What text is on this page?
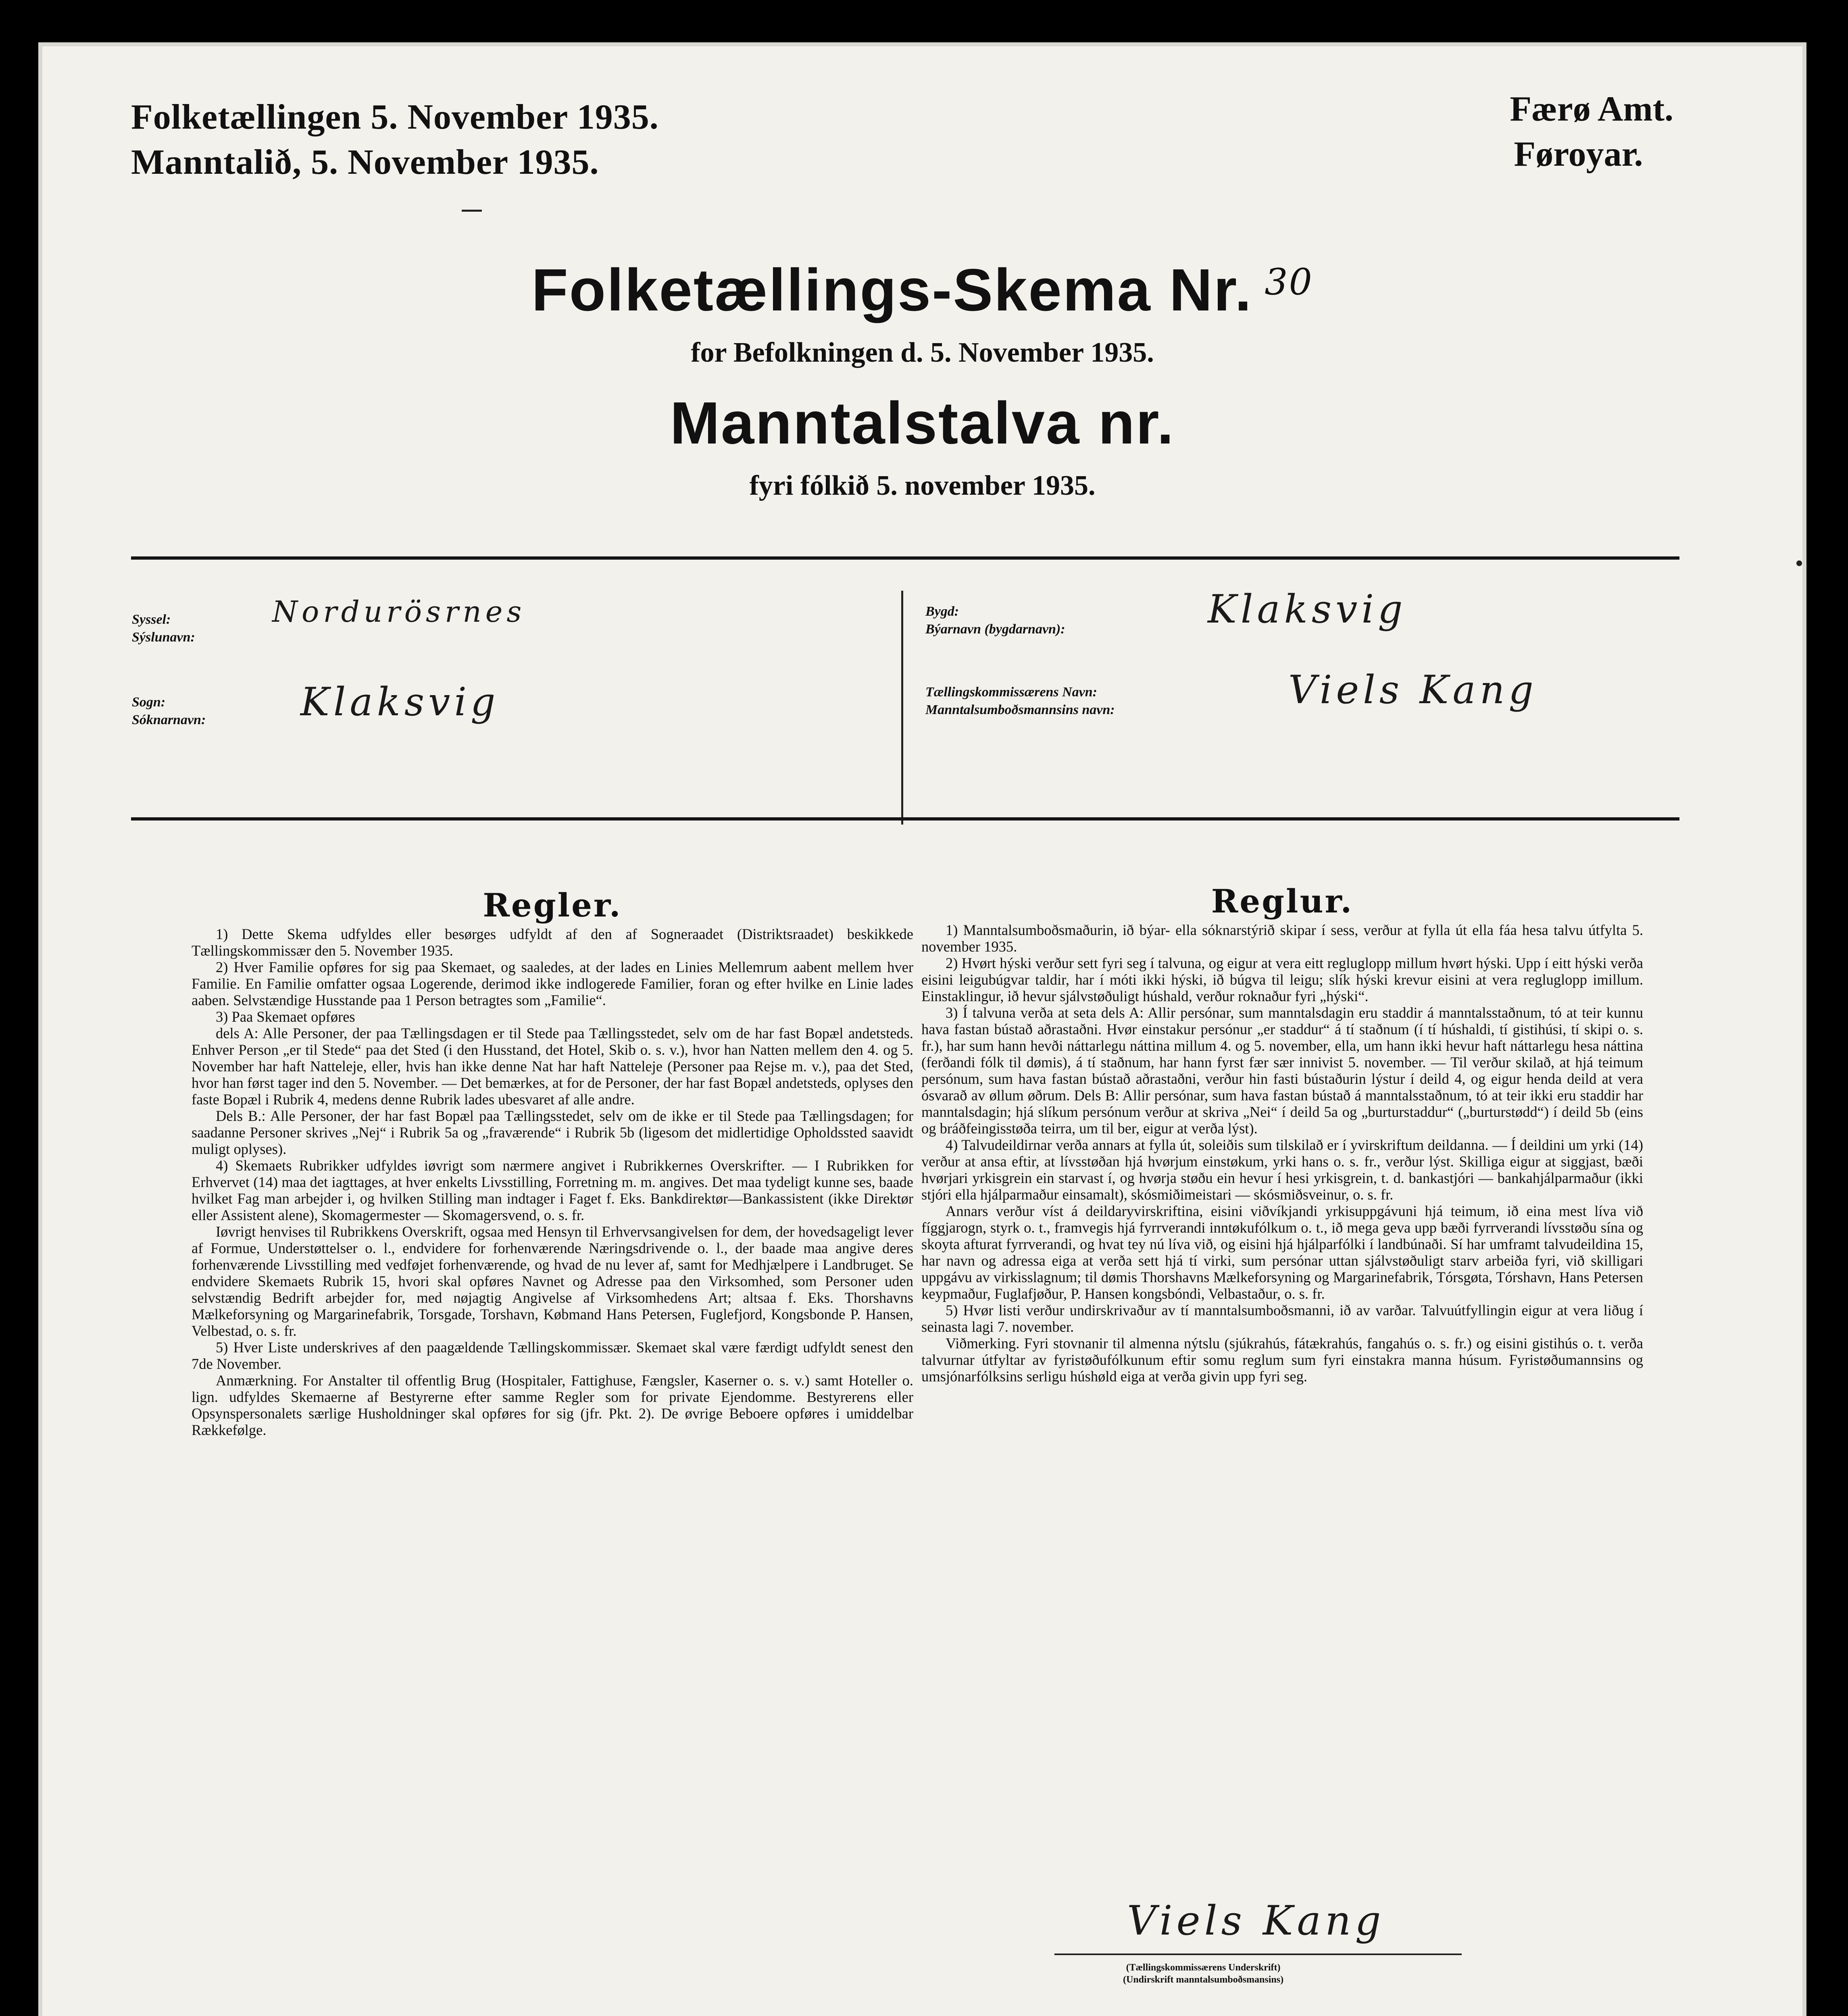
Folketællingen 5. November 1935.
Manntalið, 5. November 1935.
Færø Amt.
Føroyar.
Folketællings-Skema Nr. $^{30}$
for Befolkningen d. 5. November 1935.
Manntalstalva nr.
fyri fólkið 5. november 1935.
Syssel:
Sýslunavn:
Nordurösrnes
Sogn:
Sóknarnavn: Klaksvig
Bygd:
Býarnavn (bygdarnavn):	Klaksvig
Tællingskommissærens Navn:
Manntalsumboðsmannsins navn:	Viels Kang
Regler.

1) Dette Skema udfyldes eller besørges udfyldt af den af Sogneraadet (Distriktsraadet) beskikkede Tællingskommissær den 5. November 1935.

2) Hver Familie opføres for sig paa Skemaet, og saaledes, at der lades en Linies Mellemrum aabent mellem hver Familie. En Familie omfatter ogsaa Logerende, derimod ikke indlogerede Familier, foran og efter hvilke en Linie lades aaben. Selvstændige Husstande paa 1 Person betragtes som „Familie“.

3) Paa Skemaet opføres

dels A: Alle Personer, der paa Tællingsdagen er til Stede paa Tællingsstedet, selv om de har fast Bopæl andetsteds. Enhver Person „er til Stede“ paa det Sted (i den Husstand, det Hotel, Skib o. s. v.), hvor han Natten mellem den 4. og 5. November har haft Natteleje, eller, hvis han ikke denne Nat har haft Natteleje (Personer paa Rejse m. v.), paa det Sted, hvor han først tager ind den 5. November. — Det bemærkes, at for de Personer, der har fast Bopæl andetsteds, oplyses den faste Bopæl i Rubrik 4, medens denne Rubrik lades ubesvaret af alle andre.

Dels B.: Alle Personer, der har fast Bopæl paa Tællingsstedet, selv om de ikke er til Stede paa Tællingsdagen; for saadanne Personer skrives „Nej“ i Rubrik 5a og „fraværende“ i Rubrik 5b (ligesom det midlertidige Opholdssted saavidt muligt oplyses).

4) Skemaets Rubrikker udfyldes iøvrigt som nærmere angivet i Rubrikkernes Overskrifter. — I Rubrikken for Erhvervet (14) maa det iagttages, at hver enkelts Livsstilling, Forretning m. m. angives. Det maa tydeligt kunne ses, baade hvilket Fag man arbejder i, og hvilken Stilling man indtager i Faget f. Eks. Bankdirektør—Bankassistent (ikke Direktør eller Assistent alene), Skomagermester — Skomagersvend, o. s. fr.

Iøvrigt henvises til Rubrikkens Overskrift, ogsaa med Hensyn til Erhvervsangivelsen for dem, der hovedsageligt lever af Formue, Understøttelser o. l., endvidere for forhenværende Næringsdrivende o. l., der baade maa angive deres forhenværende Livsstilling med vedføjet forhenværende, og hvad de nu lever af, samt for Medhjælpere i Landbruget. Se endvidere Skemaets Rubrik 15, hvori skal opføres Navnet og Adresse paa den Virksomhed, som Personer uden selvstændig Bedrift arbejder for, med nøjagtig Angivelse af Virksomhedens Art; altsaa f. Eks. Thorshavns Mælkeforsyning og Margarinefabrik, Torsgade, Torshavn, Købmand Hans Petersen, Fuglefjord, Kongsbonde P. Hansen, Velbestad, o. s. fr.

5) Hver Liste underskrives af den paagældende Tællingskommissær. Skemaet skal være færdigt udfyldt senest den 7de November.

Anmærkning. For Anstalter til offentlig Brug (Hospitaler, Fattighuse, Fængsler, Kaserner o. s. v.) samt Hoteller o. lign. udfyldes Skemaerne af Bestyrerne efter samme Regler som for private Ejendomme. Bestyrerens eller Opsynspersonalets særlige Husholdninger skal opføres for sig (jfr. Pkt. 2). De øvrige Beboere opføres i umiddelbar Rækkefølge.

Reglur.

1) Manntalsumboðsmaðurin, ið býar- ella sóknarstýrið skipar í sess, verður at fylla út ella fáa hesa talvu útfylta 5. november 1935.

2) Hvørt hýski verður sett fyri seg í talvuna, og eigur at vera eitt regluglopp millum hvørt hýski. Upp í eitt hýski verða eisini leigubúgvar taldir, har í móti ikki hýski, ið búgva til leigu; slík hýski krevur eisini at vera regluglopp imillum. Einstaklingur, ið hevur sjálvstøðuligt húshald, verður roknaður fyri „hýski“.

3) Í talvuna verða at seta dels A: Allir persónar, sum manntalsdagin eru staddir á manntalsstaðnum, tó at teir kunnu hava fastan bústað aðrastaðni. Hvør einstakur persónur „er staddur“ á tí staðnum (í tí húshaldi, tí gistihúsi, tí skipi o. s. fr.), har sum hann hevði náttarlegu náttina millum 4. og 5. november, ella, um hann ikki hevur haft náttarlegu hesa náttina (ferðandi fólk til dømis), á tí staðnum, har hann fyrst fær sær innivist 5. november. — Til verður skilað, at hjá teimum persónum, sum hava fastan bústað aðrastaðni, verður hin fasti bústaðurin lýstur í deild 4, og eigur henda deild at vera ósvarað av øllum øðrum. Dels B: Allir persónar, sum hava fastan bústað á manntalsstaðnum, tó at teir ikki eru staddir har manntalsdagin; hjá slíkum persónum verður at skriva „Nei“ í deild 5a og „burturstaddur“ („burturstødd“) í deild 5b (eins og bráðfeingisstøða teirra, um til ber, eigur at verða lýst).

4) Talvudeildirnar verða annars at fylla út, soleiðis sum tilskilað er í yvirskriftum deildanna. — Í deildini um yrki (14) verður at ansa eftir, at lívsstøðan hjá hvørjum einstøkum, yrki hans o. s. fr., verður lýst. Skilliga eigur at siggjast, bæði hvørjari yrkisgrein ein starvast í, og hvørja støðu ein hevur í hesi yrkisgrein, t. d. bankastjóri — bankahjálparmaður (ikki stjóri ella hjálparmaður einsamalt), skósmiðimeistari — skósmiðsveinur, o. s. fr.

Annars verður víst á deildaryvirskriftina, eisini viðvíkjandi yrkisuppgávuni hjá teimum, ið eina mest líva við fíggjarogn, styrk o. t., framvegis hjá fyrrverandi inntøkufólkum o. t., ið mega geva upp bæði fyrrverandi lívsstøðu sína og skoyta afturat fyrrverandi, og hvat tey nú líva við, og eisini hjá hjálparfólki í landbúnaði. Sí har umframt talvudeildina 15, har navn og adressa eiga at verða sett hjá tí virki, sum persónar uttan sjálvstøðuligt starv arbeiða fyri, við skilligari uppgávu av virkisslagnum; til dømis Thorshavns Mælkeforsyning og Margarinefabrik, Tórsgøta, Tórshavn, Hans Petersen keypmaður, Fuglafjøður, P. Hansen kongsbóndi, Velbastaður, o. s. fr.

5) Hvør listi verður undirskrivaður av tí manntalsumboðsmanni, ið av varðar. Talvuútfyllingin eigur at vera liðug í seinasta lagi 7. november.

Viðmerking. Fyri stovnanir til almenna nýtslu (sjúkrahús, fátækrahús, fangahús o. s. fr.) og eisini gistihús o. t. verða talvurnar útfyltar av fyristøðufólkunum eftir somu reglum sum fyri einstakra manna húsum. Fyristøðumannsins og umsjónarfólksins serligu húshøld eiga at verða givin upp fyri seg.

Viels Kang
(Tællingskommissærens Underskrift)
(Undirskrift manntalsumboðsmansins)
